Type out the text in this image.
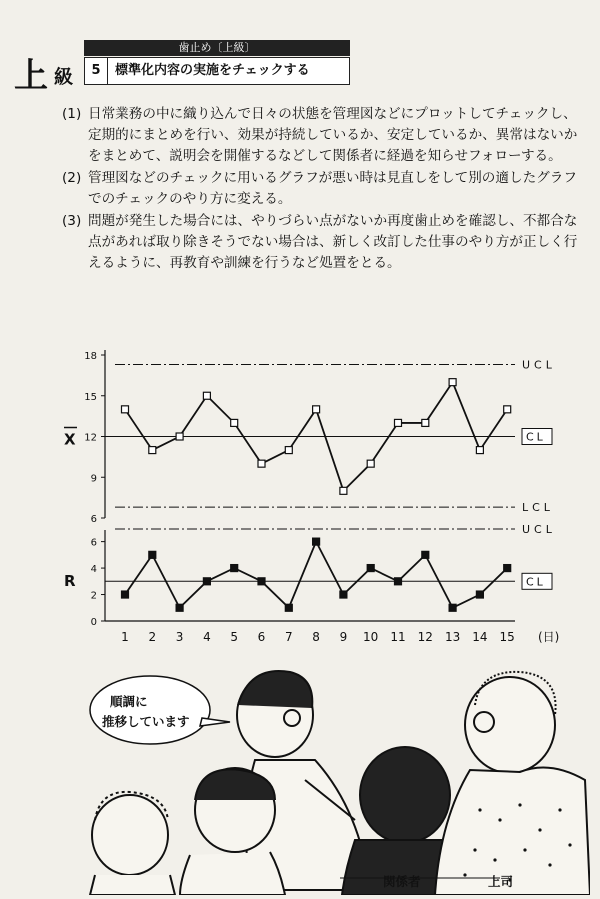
上 級
歯止め〔上級〕
5	標準化内容の実施をチェックする
(1) 日常業務の中に織り込んで日々の状態を管理図などにプロットしてチェックし、定期的にまとめを行い、効果が持続しているか、安定しているか、異常はないかをまとめて、説明会を開催するなどして関係者に経過を知らせフォローする。
(2) 管理図などのチェックに用いるグラフが悪い時は見直しをして別の適したグラフでのチェックのやり方に変える。
(3) 問題が発生した場合には、やりづらい点がないか再度歯止めを確認し、不都合な点があれば取り除きそうでない場合は、新しく改訂した仕事のやり方が正しく行えるように、再教育や訓練を行うなど処置をとる。
6
9
12
15
18
X	CL
UCL
LCL
0
2
4
6
R	CL
UCL
1 2 3 4 5 6 7 8 9 10 11 12 13 14 15 (日)
順調に
推移しています
関係者	上司
